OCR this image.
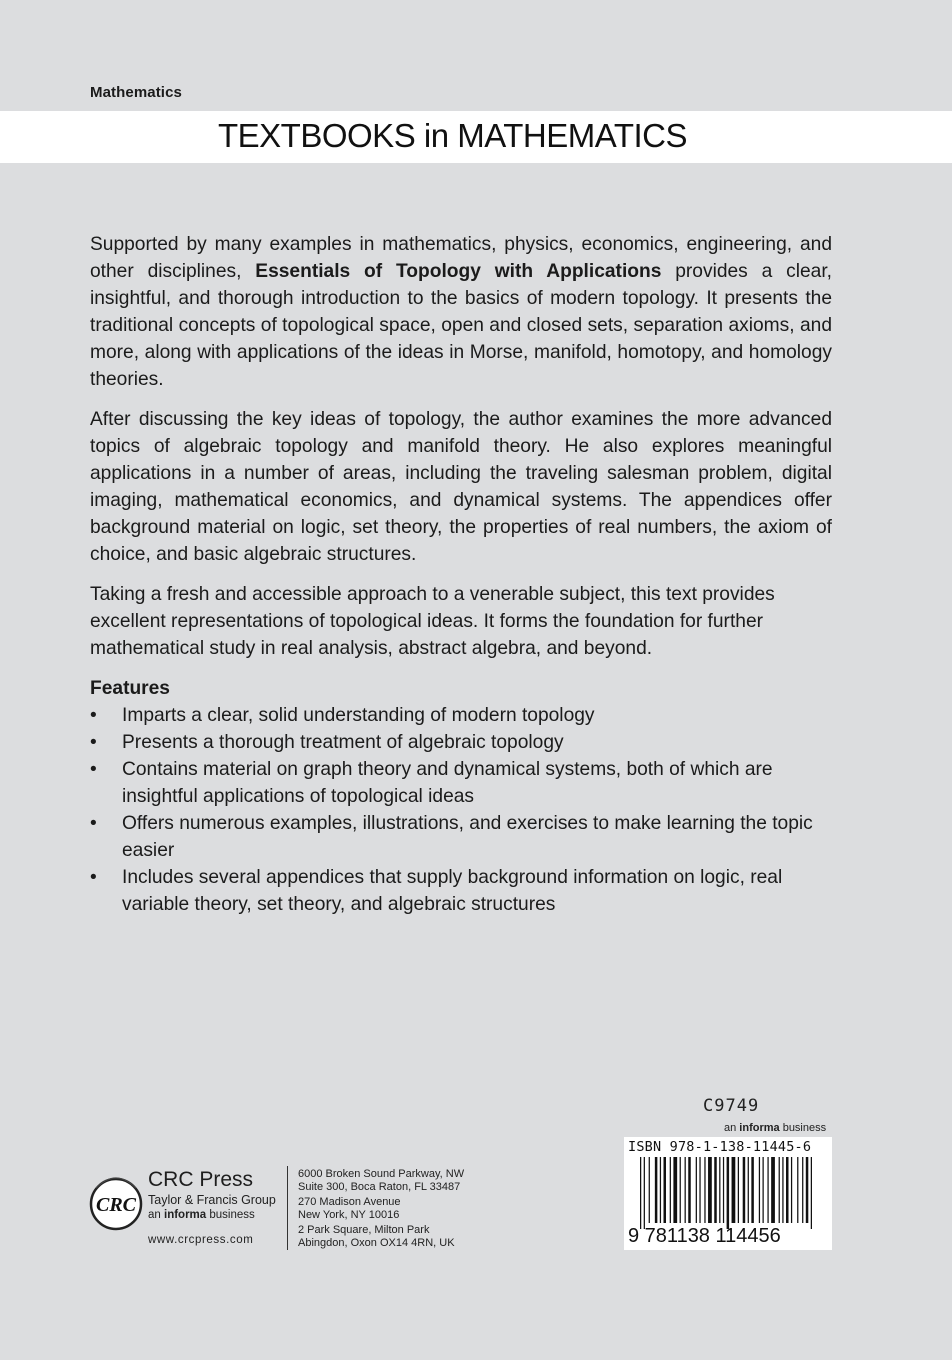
Mathematics
TEXTBOOKS in MATHEMATICS

Supported by many examples in mathematics, physics, economics, engineering, and other disciplines, Essentials of Topology with Applications provides a clear, insightful, and thorough introduction to the basics of modern topology. It presents the traditional concepts of topological space, open and closed sets, separation axioms, and more, along with applications of the ideas in Morse, manifold, homotopy, and homology theories.

After discussing the key ideas of topology, the author examines the more advanced topics of algebraic topology and manifold theory. He also explores meaningful applications in a number of areas, including the traveling salesman problem, digital imaging, mathematical economics, and dynamical systems. The appendices offer background material on logic, set theory, the properties of real numbers, the axiom of choice, and basic algebraic structures.

Taking a fresh and accessible approach to a venerable subject, this text provides excellent representations of topological ideas. It forms the foundation for further mathematical study in real analysis, abstract algebra, and beyond.

Features
• Imparts a clear, solid understanding of modern topology
• Presents a thorough treatment of algebraic topology
• Contains material on graph theory and dynamical systems, both of which are insightful applications of topological ideas
• Offers numerous examples, illustrations, and exercises to make learning the topic easier
• Includes several appendices that supply background information on logic, real variable theory, set theory, and algebraic structures
C9749
an informa business
ISBN 978-1-138-11445-6
9 781138 114456
CRC
CRC Press
Taylor & Francis Group
an informa business
www.crcpress.com
6000 Broken Sound Parkway, NW
Suite 300, Boca Raton, FL 33487
270 Madison Avenue
New York, NY 10016
2 Park Square, Milton Park
Abingdon, Oxon OX14 4RN, UK
